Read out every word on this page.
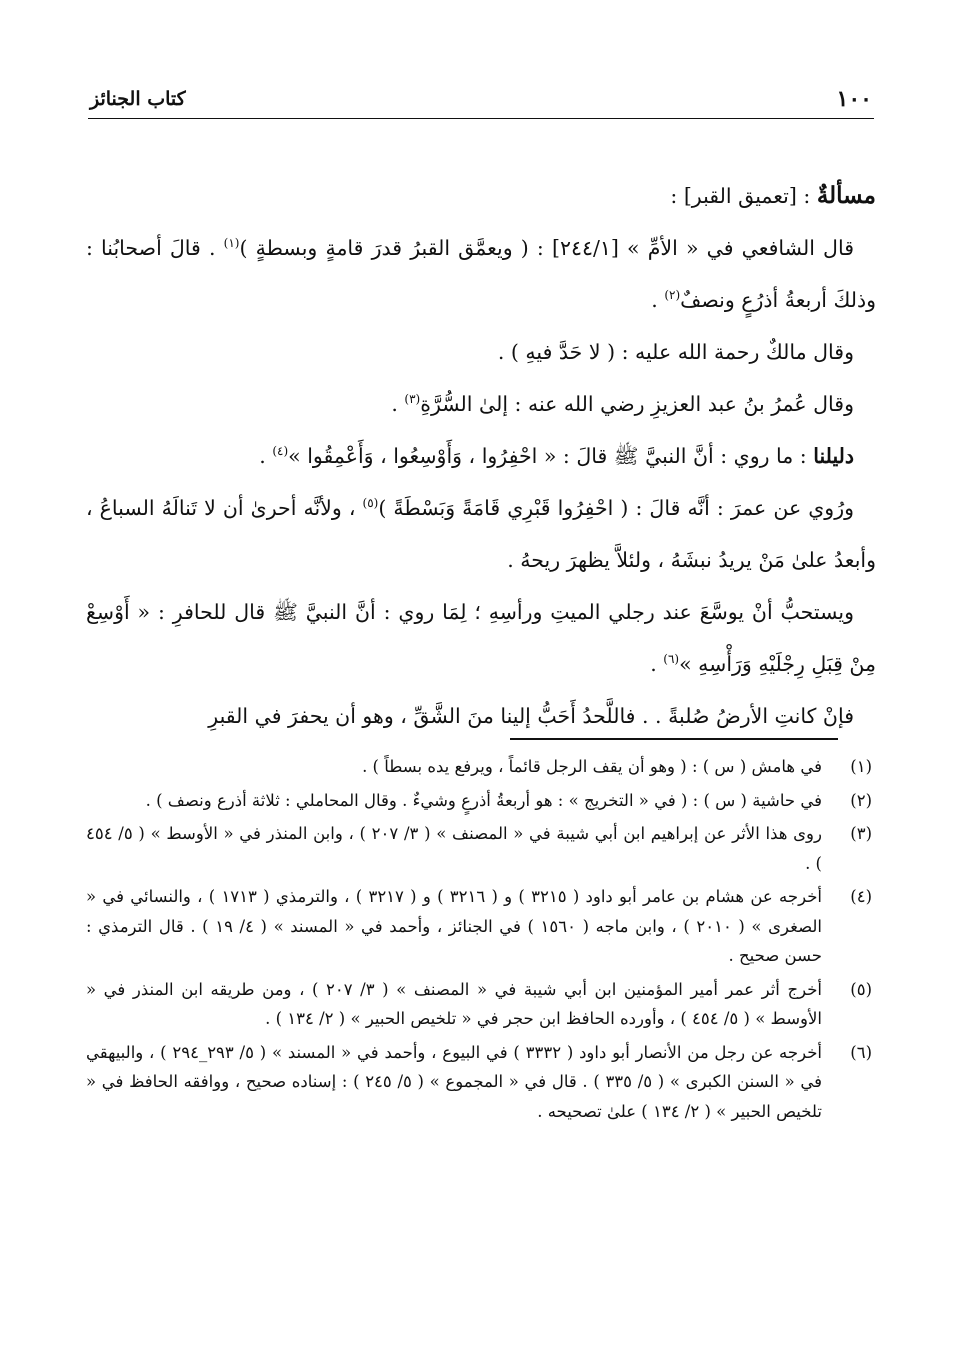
١٠٠
كتاب الجنائز

مسألةٌ : [تعميق القبر] :

قال الشافعي في « الأمِّ » [٢٤٤/١] : ( ويعمَّق القبرُ قدرَ قامةٍ وبسطةٍ )$^{(١)}$ . قالَ أصحابُنا : وذلكَ أربعةُ أذرُعٍ ونصفٌ$^{(٢)}$ .

وقال مالكٌ رحمة الله عليه : ( لا حَدَّ فيهِ ) .

وقال عُمرُ بنُ عبد العزيزِ رضي الله عنه : إلىٰ السُّرَّةِ$^{(٣)}$ .

دليلنا : ما روي : أنَّ النبيَّ ﷺ قالَ : « احْفِرُوا ، وَأَوْسِعُوا ، وَأَعْمِقُوا »$^{(٤)}$ .

ورُوي عن عمرَ : أنَّه قالَ : ( احْفِرُوا قَبْرِي قَامَةً وَبَسْطَةً )$^{(٥)}$ ، ولأنَّه أحرىٰ أن لا تَنالَهُ السباعُ ، وأبعدُ علىٰ مَنْ يريدُ نبشَهُ ، ولئلاَّ يظهرَ ريحهُ .

ويستحبُّ أنْ يوسَّعَ عند رجلي الميتِ ورأسِهِ ؛ لِمَا روي : أنَّ النبيَّ ﷺ قال للحافرِ : « أَوْسِعْ مِنْ قِبَلِ رِجْلَيْهِ وَرَأْسِهِ »$^{(٦)}$ .

فإنْ كانتِ الأرضُ صُلبةً . . فاللَّحدُ أَحَبُّ إلينا منَ الشَّقِّ ، وهو أن يحفرَ في القبرِ

(١)
في هامش ( س ) : ( وهو أن يقف الرجل قائماً ، ويرفع يده بسطاً ) .
(٢)
في حاشية ( س ) : ( في « التخريج » : هو أربعةُ أذرعٍ وشيءٌ . وقال المحاملي : ثلاثة أذرع ونصف ) .
(٣)
روى هذا الأثر عن إبراهيم ابن أبي شيبة في « المصنف » ( ٣/ ٢٠٧ ) ، وابن المنذر في « الأوسط » ( ٥/ ٤٥٤ ) .
(٤)
أخرجه عن هشام بن عامر أبو داود ( ٣٢١٥ ) و ( ٣٢١٦ ) و ( ٣٢١٧ ) ، والترمذي ( ١٧١٣ ) ، والنسائي في « الصغرى » ( ٢٠١٠ ) ، وابن ماجه ( ١٥٦٠ ) في الجنائز ، وأحمد في « المسند » ( ٤/ ١٩ ) . قال الترمذي : حسن صحيح .
(٥)
أخرج أثر عمر أمير المؤمنين ابن أبي شيبة في « المصنف » ( ٣/ ٢٠٧ ) ، ومن طريقه ابن المنذر في « الأوسط » ( ٥/ ٤٥٤ ) ، وأورده الحافظ ابن حجر في « تلخيص الحبير » ( ٢/ ١٣٤ ) .
(٦)
أخرجه عن رجل من الأنصار أبو داود ( ٣٣٣٢ ) في البيوع ، وأحمد في « المسند » ( ٥/ ٢٩٣_٢٩٤ ) ، والبيهقي في « السنن الكبرى » ( ٥/ ٣٣٥ ) . قال في « المجموع » ( ٥/ ٢٤٥ ) : إسناده صحيح ، ووافقه الحافظ في « تلخيص الحبير » ( ٢/ ١٣٤ ) علىٰ تصحيحه .
